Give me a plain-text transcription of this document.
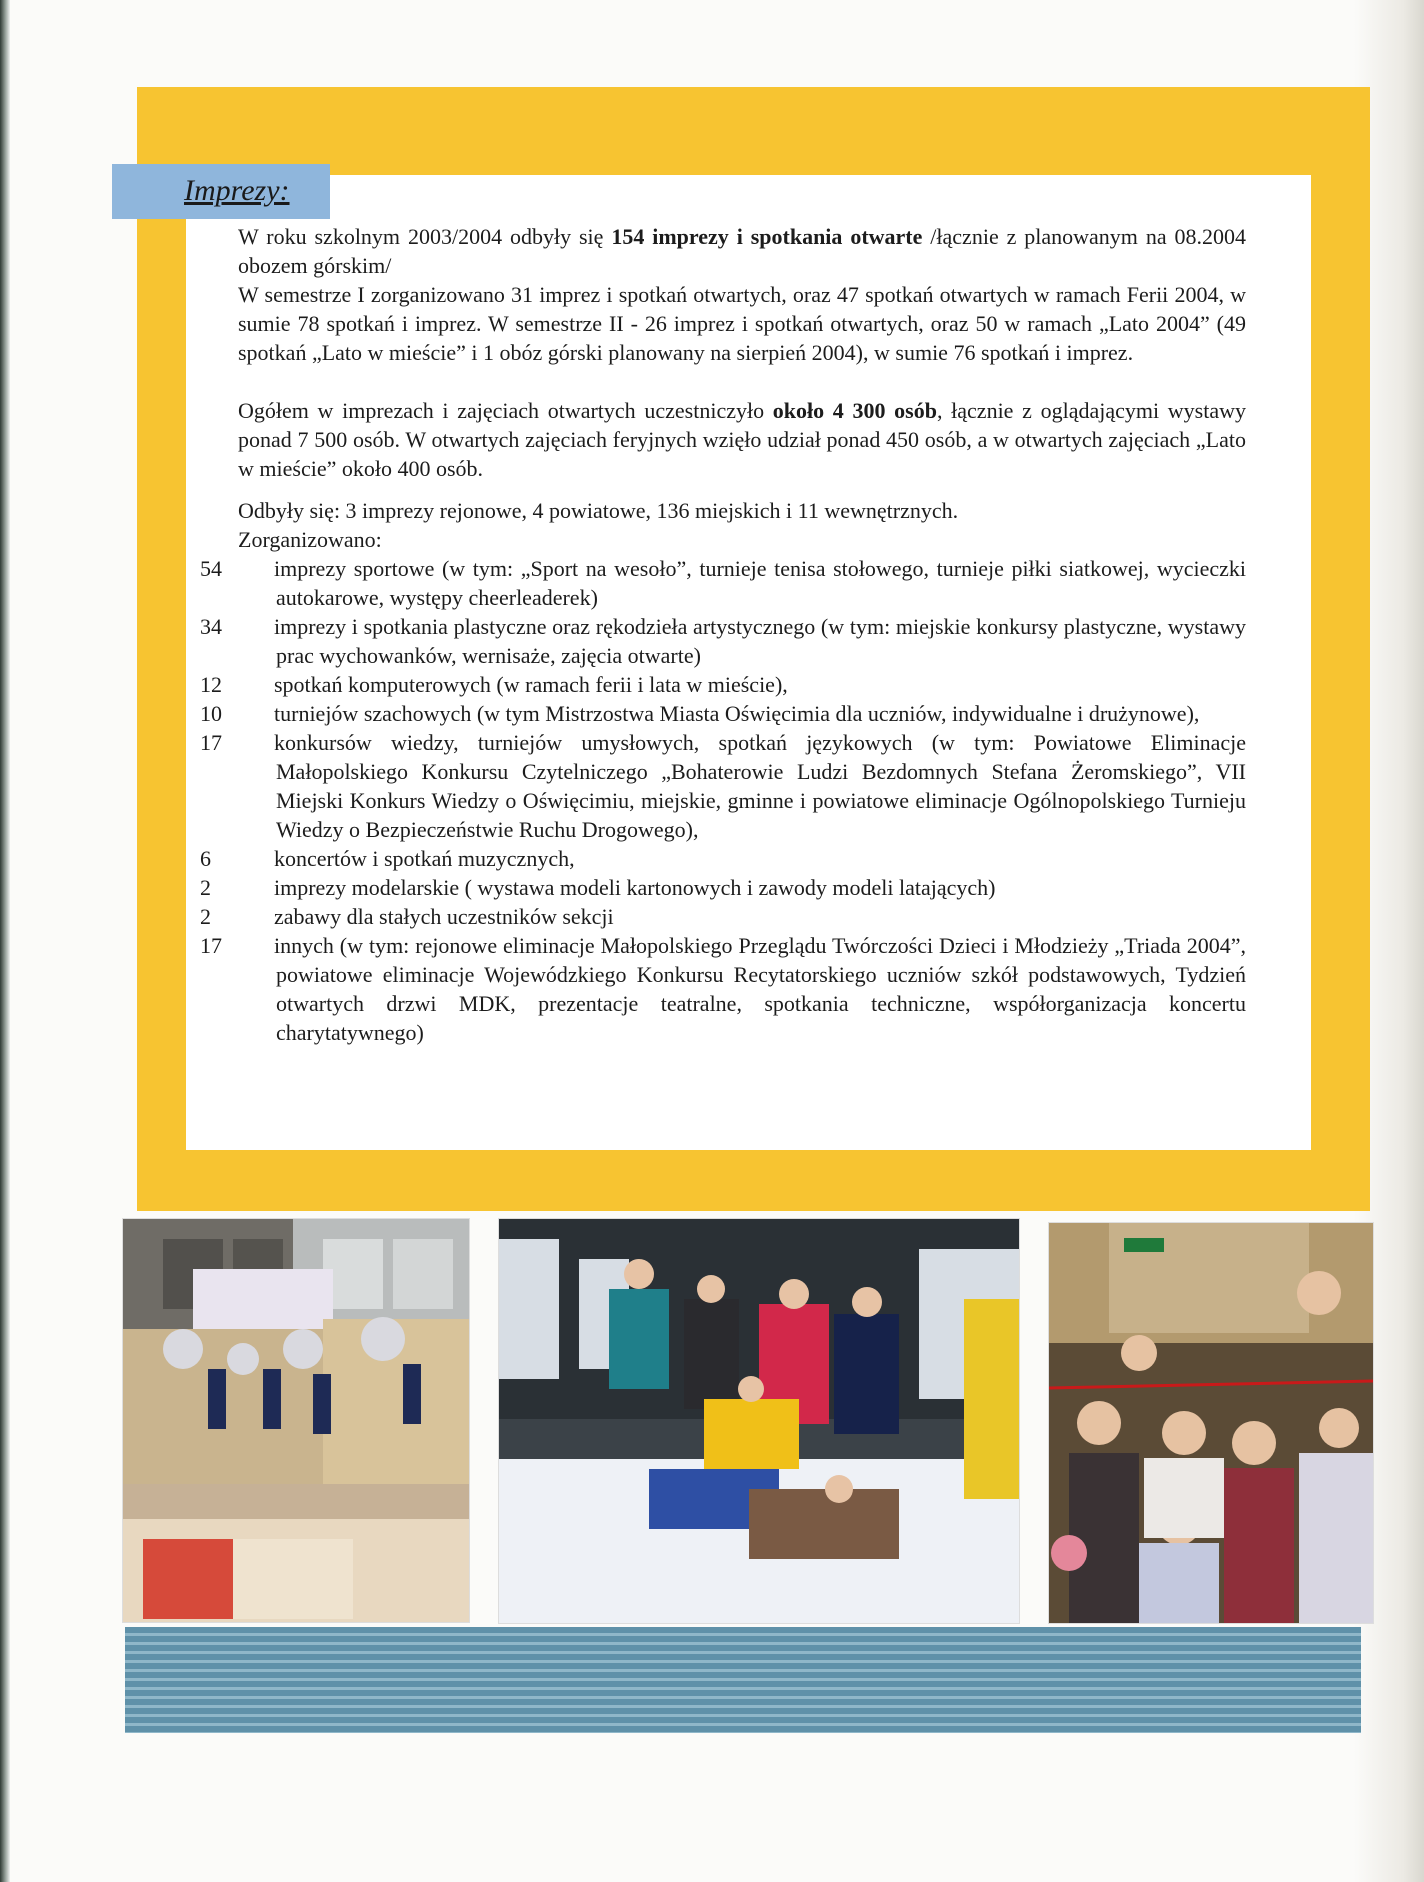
Imprezy:

W roku szkolnym 2003/2004 odbyły się 154 imprezy i spotkania otwarte /łącznie z planowanym na 08.2004 obozem górskim/

W semestrze I zorganizowano 31 imprez i spotkań otwartych, oraz 47 spotkań otwartych w ramach Ferii 2004, w sumie 78 spotkań i imprez. W semestrze II - 26 imprez i spotkań otwartych, oraz 50 w ramach „Lato 2004” (49 spotkań „Lato w mieście” i 1 obóz górski planowany na sierpień 2004), w sumie 76 spotkań i imprez.

Ogółem w imprezach i zajęciach otwartych uczestniczyło około 4 300 osób, łącznie z oglądającymi wystawy ponad 7 500 osób. W otwartych zajęciach feryjnych wzięło udział ponad 450 osób, a w otwartych zajęciach „Lato w mieście” około 400 osób.

Odbyły się: 3 imprezy rejonowe, 4 powiatowe, 136 miejskich i 11 wewnętrznych.

Zorganizowano:

54 imprezy sportowe (w tym: „Sport na wesoło”, turnieje tenisa stołowego, turnieje piłki siatkowej, wycieczki autokarowe, występy cheerleaderek)
34 imprezy i spotkania plastyczne oraz rękodzieła artystycznego (w tym: miejskie konkursy plastyczne, wystawy prac wychowanków, wernisaże, zajęcia otwarte)
12 spotkań komputerowych (w ramach ferii i lata w mieście),
10 turniejów szachowych (w tym Mistrzostwa Miasta Oświęcimia dla uczniów, indywidualne i drużynowe),
17 konkursów wiedzy, turniejów umysłowych, spotkań językowych (w tym: Powiatowe Eliminacje Małopolskiego Konkursu Czytelniczego „Bohaterowie Ludzi Bezdomnych Stefana Żeromskiego”, VII Miejski Konkurs Wiedzy o Oświęcimiu, miejskie, gminne i powiatowe eliminacje Ogólnopolskiego Turnieju Wiedzy o Bezpieczeństwie Ruchu Drogowego),
6	koncertów i spotkań muzycznych,
2	imprezy modelarskie ( wystawa modeli kartonowych i zawody modeli latających)
2	zabawy dla stałych uczestników sekcji
17 innych (w tym: rejonowe eliminacje Małopolskiego Przeglądu Twórczości Dzieci i Młodzieży „Triada 2004”, powiatowe eliminacje Wojewódzkiego Konkursu Recytatorskiego uczniów szkół podstawowych, Tydzień otwartych drzwi MDK, prezentacje teatralne, spotkania techniczne, współorganizacja koncertu charytatywnego)
